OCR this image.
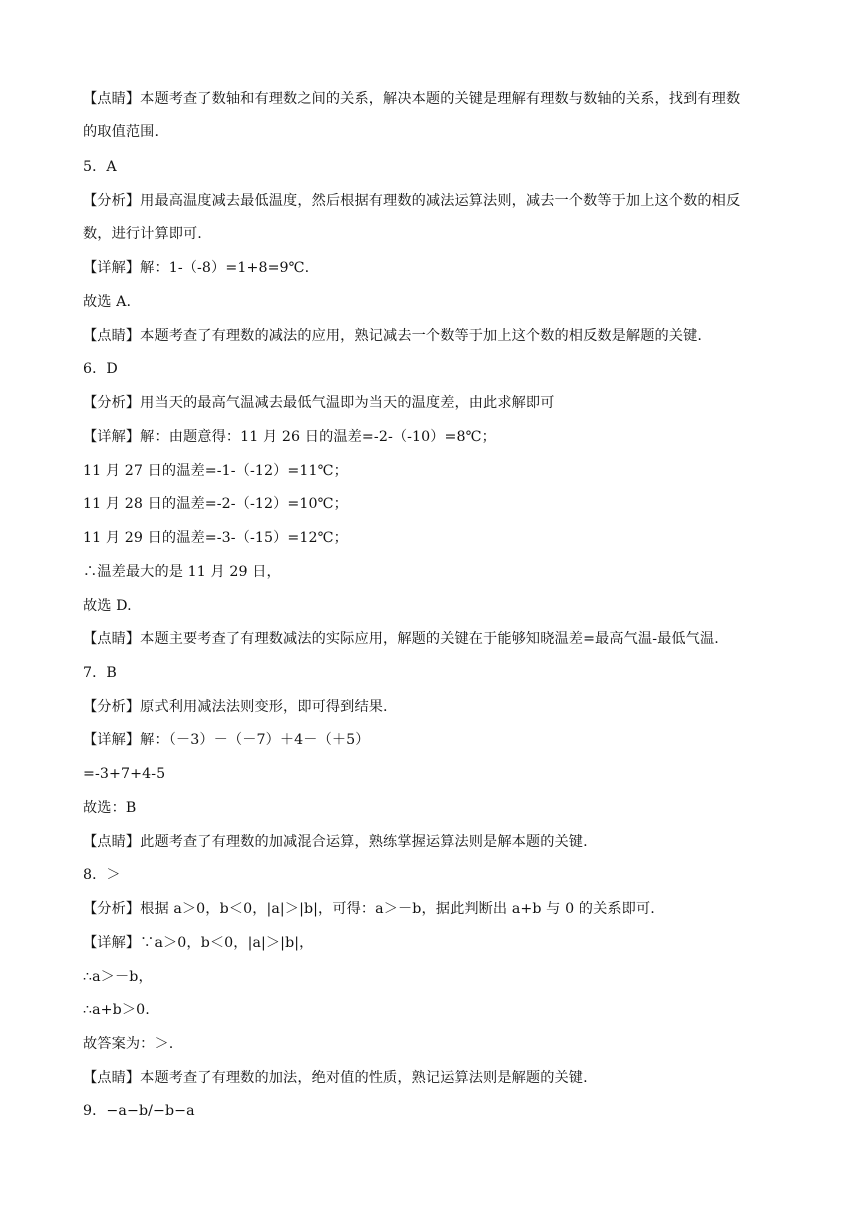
【点睛】本题考查了数轴和有理数之间的关系，解决本题的关键是理解有理数与数轴的关系，找到有理数
的取值范围.
5．A
【分析】用最高温度减去最低温度，然后根据有理数的减法运算法则，减去一个数等于加上这个数的相反
数，进行计算即可.
【详解】解：1-（-8）=1+8=9℃.
故选 A.
【点睛】本题考查了有理数的减法的应用，熟记减去一个数等于加上这个数的相反数是解题的关键.
6．D
【分析】用当天的最高气温减去最低气温即为当天的温度差，由此求解即可
【详解】解：由题意得：11 月 26 日的温差=-2-（-10）=8℃；
11 月 27 日的温差=-1-（-12）=11℃；
11 月 28 日的温差=-2-（-12）=10℃；
11 月 29 日的温差=-3-（-15）=12℃；
∴温差最大的是 11 月 29 日，
故选 D.
【点睛】本题主要考查了有理数减法的实际应用，解题的关键在于能够知晓温差=最高气温-最低气温.
7．B
【分析】原式利用减法法则变形，即可得到结果.
【详解】解：（－3）－（－7）＋4－（＋5）
=-3+7+4-5
故选：B
【点睛】此题考查了有理数的加减混合运算，熟练掌握运算法则是解本题的关键.
8．＞
【分析】根据 a＞0，b＜0，|a|＞|b|，可得：a＞－b，据此判断出 a+b 与 0 的关系即可.
【详解】∵a＞0，b＜0，|a|＞|b|，
∴a＞－b，
∴a+b＞0.
故答案为：＞.
【点睛】本题考查了有理数的加法，绝对值的性质，熟记运算法则是解题的关键.
9．−a−b/−b−a
